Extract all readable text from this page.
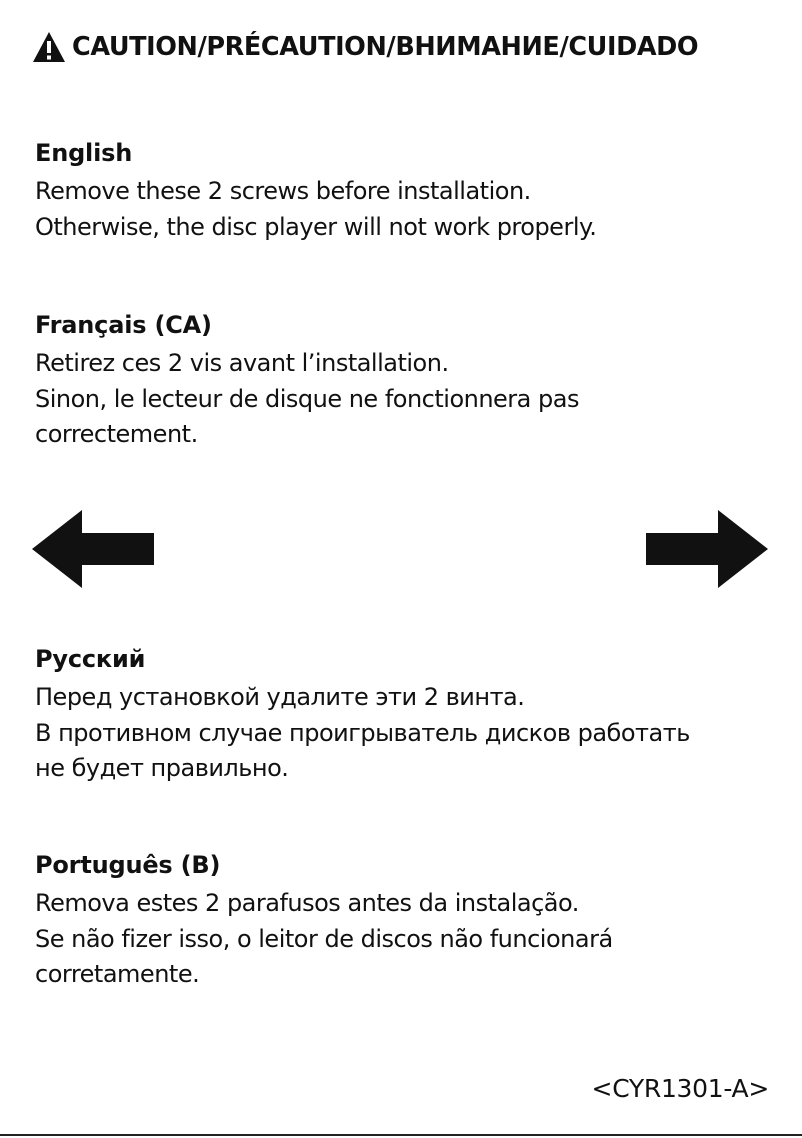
CAUTION/PRÉCAUTION/ВНИМАНИЕ/CUIDADO
English
Remove these 2 screws before installation.
Otherwise, the disc player will not work properly.
Français (CA)
Retirez ces 2 vis avant l’installation.
Sinon, le lecteur de disque ne fonctionnera pas
correctement.
Русский
Перед установкой удалите эти 2 винта.
В противном случае проигрыватель дисков работать
не будет правильно.
Português (B)
Remova estes 2 parafusos antes da instalação.
Se não fizer isso, o leitor de discos não funcionará
corretamente.
<CYR1301-A>
